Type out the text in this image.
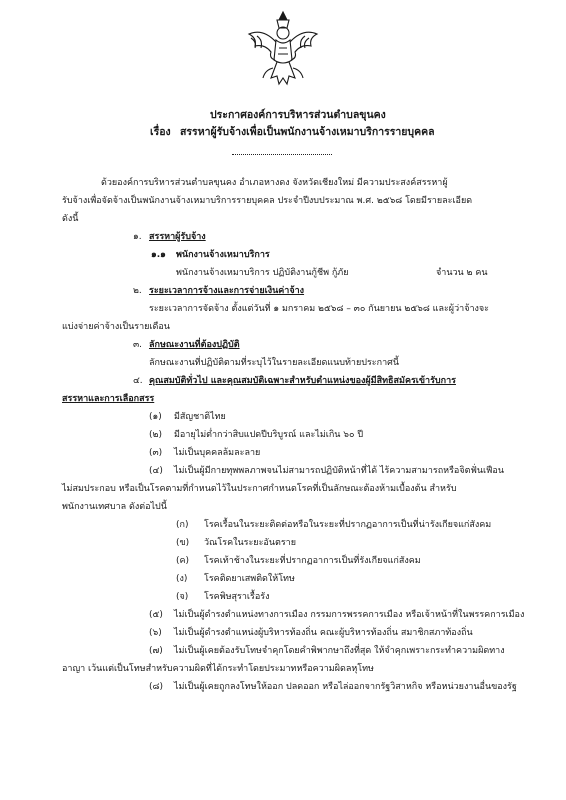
ประกาศองค์การบริหารส่วนตำบลขุนคง
เรื่อง สรรหาผู้รับจ้างเพื่อเป็นพนักงานจ้างเหมาบริการรายบุคคล
ด้วยองค์การบริหารส่วนตำบลขุนคง อำเภอหางดง จังหวัดเชียงใหม่ มีความประสงค์สรรหาผู้
รับจ้างเพื่อจัดจ้างเป็นพนักงานจ้างเหมาบริการรายบุคคล ประจำปีงบประมาณ พ.ศ. ๒๕๖๘ โดยมีรายละเอียด
ดังนี้
๑. สรรหาผู้รับจ้าง
๑.๑ พนักงานจ้างเหมาบริการ
พนักงานจ้างเหมาบริการ ปฏิบัติงานกู้ชีพ กู้ภัย	จำนวน ๒ คน
๒. ระยะเวลาการจ้างและการจ่ายเงินค่าจ้าง
ระยะเวลาการจัดจ้าง ตั้งแต่วันที่ ๑ มกราคม ๒๕๖๘ – ๓๐ กันยายน ๒๕๖๘ และผู้ว่าจ้างจะ
แบ่งจ่ายค่าจ้างเป็นรายเดือน
๓. ลักษณะงานที่ต้องปฏิบัติ
ลักษณะงานที่ปฏิบัติตามที่ระบุไว้ในรายละเอียดแนบท้ายประกาศนี้
๔. คุณสมบัติทั่วไป และคุณสมบัติเฉพาะสำหรับตำแหน่งของผู้มีสิทธิสมัครเข้ารับการ
สรรหาและการเลือกสรร
(๑) มีสัญชาติไทย
(๒) มีอายุไม่ต่ำกว่าสิบแปดปีบริบูรณ์ และไม่เกิน ๖๐ ปี
(๓) ไม่เป็นบุคคลล้มละลาย
(๔) ไม่เป็นผู้มีกายทุพพลภาพจนไม่สามารถปฏิบัติหน้าที่ได้ ไร้ความสามารถหรือจิตฟั่นเฟือน
ไม่สมประกอบ หรือเป็นโรคตามที่กำหนดไว้ในประกาศกำหนดโรคที่เป็นลักษณะต้องห้ามเบื้องต้น สำหรับ
พนักงานเทศบาล ดังต่อไปนี้
(ก) โรคเรื้อนในระยะติดต่อหรือในระยะที่ปรากฏอาการเป็นที่น่ารังเกียจแก่สังคม
(ข) วัณโรคในระยะอันตราย
(ค) โรคเท้าช้างในระยะที่ปรากฏอาการเป็นที่รังเกียจแก่สังคม
(ง) โรคติดยาเสพติดให้โทษ
(จ) โรคพิษสุราเรื้อรัง
(๕) ไม่เป็นผู้ดำรงตำแหน่งทางการเมือง กรรมการพรรคการเมือง หรือเจ้าหน้าที่ในพรรคการเมือง
(๖) ไม่เป็นผู้ดำรงตำแหน่งผู้บริหารท้องถิ่น คณะผู้บริหารท้องถิ่น สมาชิกสภาท้องถิ่น
(๗) ไม่เป็นผู้เคยต้องรับโทษจำคุกโดยคำพิพากษาถึงที่สุด ให้จำคุกเพราะกระทำความผิดทาง
อาญา เว้นแต่เป็นโทษสำหรับความผิดที่ได้กระทำโดยประมาทหรือความผิดลหุโทษ
(๘) ไม่เป็นผู้เคยถูกลงโทษให้ออก ปลดออก หรือไล่ออกจากรัฐวิสาหกิจ หรือหน่วยงานอื่นของรัฐ
